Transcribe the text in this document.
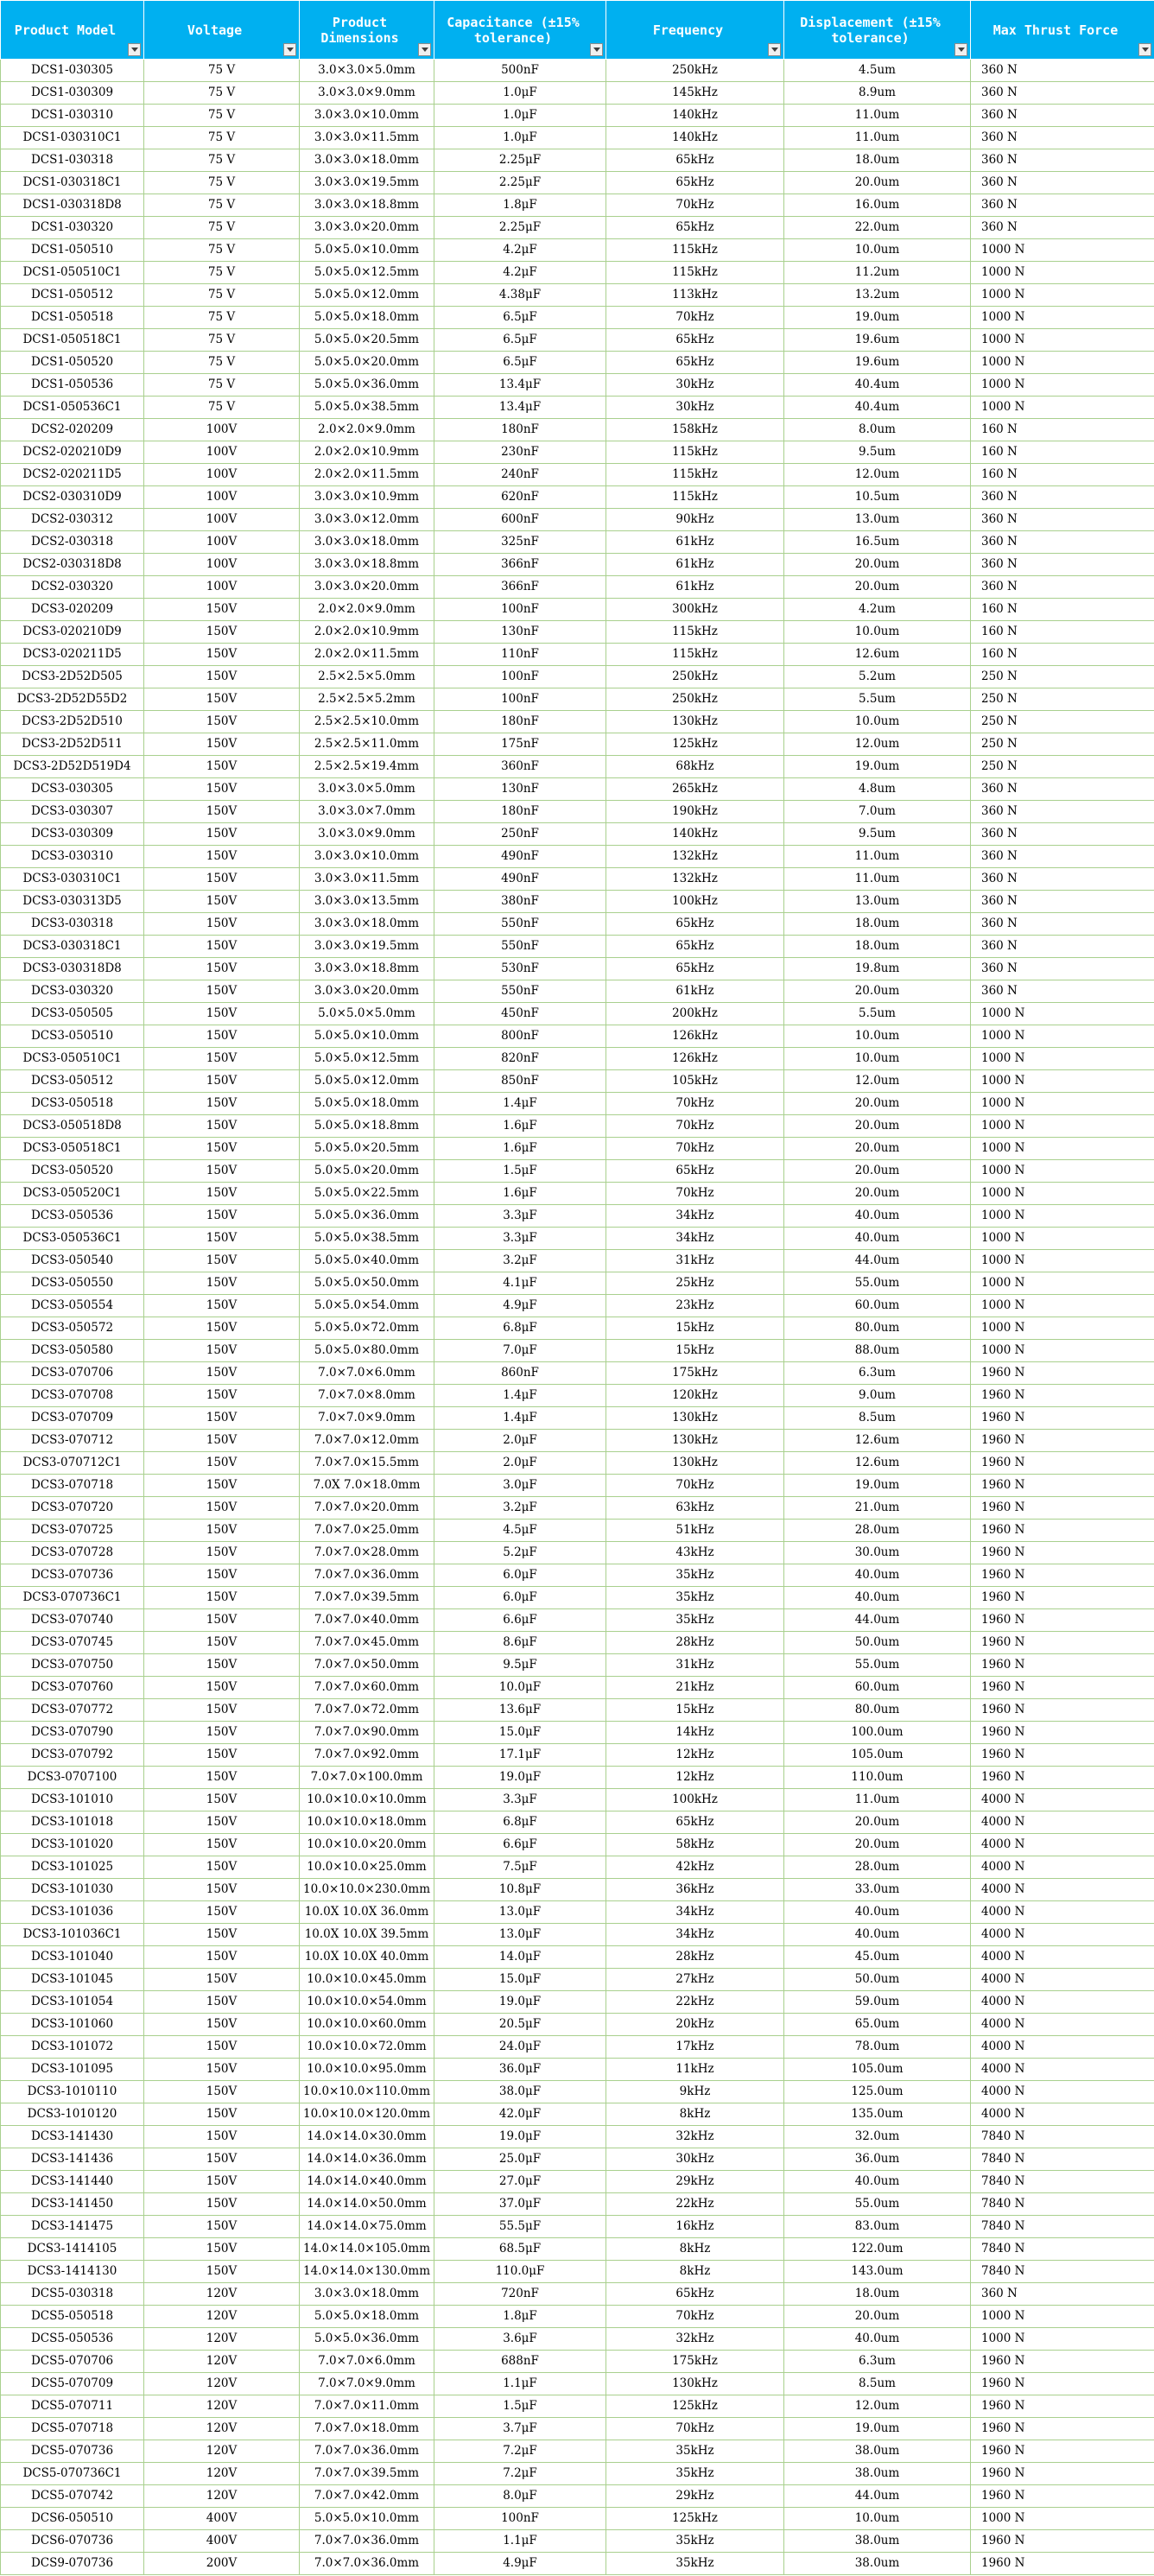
Product Model	Voltage	Product Dimensions	Capacitance (±15% tolerance)	Frequency	Displacement (±15% tolerance)	Max Thrust Force

DCS1-030305	75 V	3.0×3.0×5.0mm	500nF	250kHz	4.5um	360 N
DCS1-030309	75 V	3.0×3.0×9.0mm	1.0μF	145kHz	8.9um	360 N
DCS1-030310	75 V	3.0×3.0×10.0mm	1.0μF	140kHz	11.0um	360 N
DCS1-030310C1	75 V	3.0×3.0×11.5mm	1.0μF	140kHz	11.0um	360 N
DCS1-030318	75 V	3.0×3.0×18.0mm	2.25μF	65kHz	18.0um	360 N
DCS1-030318C1	75 V	3.0×3.0×19.5mm	2.25μF	65kHz	20.0um	360 N
DCS1-030318D8	75 V	3.0×3.0×18.8mm	1.8μF	70kHz	16.0um	360 N
DCS1-030320	75 V	3.0×3.0×20.0mm	2.25μF	65kHz	22.0um	360 N
DCS1-050510	75 V	5.0×5.0×10.0mm	4.2μF	115kHz	10.0um	1000 N
DCS1-050510C1	75 V	5.0×5.0×12.5mm	4.2μF	115kHz	11.2um	1000 N
DCS1-050512	75 V	5.0×5.0×12.0mm	4.38μF	113kHz	13.2um	1000 N
DCS1-050518	75 V	5.0×5.0×18.0mm	6.5μF	70kHz	19.0um	1000 N
DCS1-050518C1	75 V	5.0×5.0×20.5mm	6.5μF	65kHz	19.6um	1000 N
DCS1-050520	75 V	5.0×5.0×20.0mm	6.5μF	65kHz	19.6um	1000 N
DCS1-050536	75 V	5.0×5.0×36.0mm	13.4μF	30kHz	40.4um	1000 N
DCS1-050536C1	75 V	5.0×5.0×38.5mm	13.4μF	30kHz	40.4um	1000 N
DCS2-020209	100V	2.0×2.0×9.0mm	180nF	158kHz	8.0um	160 N
DCS2-020210D9	100V	2.0×2.0×10.9mm	230nF	115kHz	9.5um	160 N
DCS2-020211D5	100V	2.0×2.0×11.5mm	240nF	115kHz	12.0um	160 N
DCS2-030310D9	100V	3.0×3.0×10.9mm	620nF	115kHz	10.5um	360 N
DCS2-030312	100V	3.0×3.0×12.0mm	600nF	90kHz	13.0um	360 N
DCS2-030318	100V	3.0×3.0×18.0mm	325nF	61kHz	16.5um	360 N
DCS2-030318D8	100V	3.0×3.0×18.8mm	366nF	61kHz	20.0um	360 N
DCS2-030320	100V	3.0×3.0×20.0mm	366nF	61kHz	20.0um	360 N
DCS3-020209	150V	2.0×2.0×9.0mm	100nF	300kHz	4.2um	160 N
DCS3-020210D9	150V	2.0×2.0×10.9mm	130nF	115kHz	10.0um	160 N
DCS3-020211D5	150V	2.0×2.0×11.5mm	110nF	115kHz	12.6um	160 N
DCS3-2D52D505	150V	2.5×2.5×5.0mm	100nF	250kHz	5.2um	250 N
DCS3-2D52D55D2	150V	2.5×2.5×5.2mm	100nF	250kHz	5.5um	250 N
DCS3-2D52D510	150V	2.5×2.5×10.0mm	180nF	130kHz	10.0um	250 N
DCS3-2D52D511	150V	2.5×2.5×11.0mm	175nF	125kHz	12.0um	250 N
DCS3-2D52D519D4	150V	2.5×2.5×19.4mm	360nF	68kHz	19.0um	250 N
DCS3-030305	150V	3.0×3.0×5.0mm	130nF	265kHz	4.8um	360 N
DCS3-030307	150V	3.0×3.0×7.0mm	180nF	190kHz	7.0um	360 N
DCS3-030309	150V	3.0×3.0×9.0mm	250nF	140kHz	9.5um	360 N
DCS3-030310	150V	3.0×3.0×10.0mm	490nF	132kHz	11.0um	360 N
DCS3-030310C1	150V	3.0×3.0×11.5mm	490nF	132kHz	11.0um	360 N
DCS3-030313D5	150V	3.0×3.0×13.5mm	380nF	100kHz	13.0um	360 N
DCS3-030318	150V	3.0×3.0×18.0mm	550nF	65kHz	18.0um	360 N
DCS3-030318C1	150V	3.0×3.0×19.5mm	550nF	65kHz	18.0um	360 N
DCS3-030318D8	150V	3.0×3.0×18.8mm	530nF	65kHz	19.8um	360 N
DCS3-030320	150V	3.0×3.0×20.0mm	550nF	61kHz	20.0um	360 N
DCS3-050505	150V	5.0×5.0×5.0mm	450nF	200kHz	5.5um	1000 N
DCS3-050510	150V	5.0×5.0×10.0mm	800nF	126kHz	10.0um	1000 N
DCS3-050510C1	150V	5.0×5.0×12.5mm	820nF	126kHz	10.0um	1000 N
DCS3-050512	150V	5.0×5.0×12.0mm	850nF	105kHz	12.0um	1000 N
DCS3-050518	150V	5.0×5.0×18.0mm	1.4μF	70kHz	20.0um	1000 N
DCS3-050518D8	150V	5.0×5.0×18.8mm	1.6μF	70kHz	20.0um	1000 N
DCS3-050518C1	150V	5.0×5.0×20.5mm	1.6μF	70kHz	20.0um	1000 N
DCS3-050520	150V	5.0×5.0×20.0mm	1.5μF	65kHz	20.0um	1000 N
DCS3-050520C1	150V	5.0×5.0×22.5mm	1.6μF	70kHz	20.0um	1000 N
DCS3-050536	150V	5.0×5.0×36.0mm	3.3μF	34kHz	40.0um	1000 N
DCS3-050536C1	150V	5.0×5.0×38.5mm	3.3μF	34kHz	40.0um	1000 N
DCS3-050540	150V	5.0×5.0×40.0mm	3.2μF	31kHz	44.0um	1000 N
DCS3-050550	150V	5.0×5.0×50.0mm	4.1μF	25kHz	55.0um	1000 N
DCS3-050554	150V	5.0×5.0×54.0mm	4.9μF	23kHz	60.0um	1000 N
DCS3-050572	150V	5.0×5.0×72.0mm	6.8μF	15kHz	80.0um	1000 N
DCS3-050580	150V	5.0×5.0×80.0mm	7.0μF	15kHz	88.0um	1000 N
DCS3-070706	150V	7.0×7.0×6.0mm	860nF	175kHz	6.3um	1960 N
DCS3-070708	150V	7.0×7.0×8.0mm	1.4μF	120kHz	9.0um	1960 N
DCS3-070709	150V	7.0×7.0×9.0mm	1.4μF	130kHz	8.5um	1960 N
DCS3-070712	150V	7.0×7.0×12.0mm	2.0μF	130kHz	12.6um	1960 N
DCS3-070712C1	150V	7.0×7.0×15.5mm	2.0μF	130kHz	12.6um	1960 N
DCS3-070718	150V	7.0X 7.0×18.0mm	3.0μF	70kHz	19.0um	1960 N
DCS3-070720	150V	7.0×7.0×20.0mm	3.2μF	63kHz	21.0um	1960 N
DCS3-070725	150V	7.0×7.0×25.0mm	4.5μF	51kHz	28.0um	1960 N
DCS3-070728	150V	7.0×7.0×28.0mm	5.2μF	43kHz	30.0um	1960 N
DCS3-070736	150V	7.0×7.0×36.0mm	6.0μF	35kHz	40.0um	1960 N
DCS3-070736C1	150V	7.0×7.0×39.5mm	6.0μF	35kHz	40.0um	1960 N
DCS3-070740	150V	7.0×7.0×40.0mm	6.6μF	35kHz	44.0um	1960 N
DCS3-070745	150V	7.0×7.0×45.0mm	8.6μF	28kHz	50.0um	1960 N
DCS3-070750	150V	7.0×7.0×50.0mm	9.5μF	31kHz	55.0um	1960 N
DCS3-070760	150V	7.0×7.0×60.0mm	10.0μF	21kHz	60.0um	1960 N
DCS3-070772	150V	7.0×7.0×72.0mm	13.6μF	15kHz	80.0um	1960 N
DCS3-070790	150V	7.0×7.0×90.0mm	15.0μF	14kHz	100.0um	1960 N
DCS3-070792	150V	7.0×7.0×92.0mm	17.1μF	12kHz	105.0um	1960 N
DCS3-0707100	150V	7.0×7.0×100.0mm	19.0μF	12kHz	110.0um	1960 N
DCS3-101010	150V	10.0×10.0×10.0mm	3.3μF	100kHz	11.0um	4000 N
DCS3-101018	150V	10.0×10.0×18.0mm	6.8μF	65kHz	20.0um	4000 N
DCS3-101020	150V	10.0×10.0×20.0mm	6.6μF	58kHz	20.0um	4000 N
DCS3-101025	150V	10.0×10.0×25.0mm	7.5μF	42kHz	28.0um	4000 N
DCS3-101030	150V	10.0×10.0×230.0mm	10.8μF	36kHz	33.0um	4000 N
DCS3-101036	150V	10.0X 10.0X 36.0mm	13.0μF	34kHz	40.0um	4000 N
DCS3-101036C1	150V	10.0X 10.0X 39.5mm	13.0μF	34kHz	40.0um	4000 N
DCS3-101040	150V	10.0X 10.0X 40.0mm	14.0μF	28kHz	45.0um	4000 N
DCS3-101045	150V	10.0×10.0×45.0mm	15.0μF	27kHz	50.0um	4000 N
DCS3-101054	150V	10.0×10.0×54.0mm	19.0μF	22kHz	59.0um	4000 N
DCS3-101060	150V	10.0×10.0×60.0mm	20.5μF	20kHz	65.0um	4000 N
DCS3-101072	150V	10.0×10.0×72.0mm	24.0μF	17kHz	78.0um	4000 N
DCS3-101095	150V	10.0×10.0×95.0mm	36.0μF	11kHz	105.0um	4000 N
DCS3-1010110	150V	10.0×10.0×110.0mm	38.0μF	9kHz	125.0um	4000 N
DCS3-1010120	150V	10.0×10.0×120.0mm	42.0μF	8kHz	135.0um	4000 N
DCS3-141430	150V	14.0×14.0×30.0mm	19.0μF	32kHz	32.0um	7840 N
DCS3-141436	150V	14.0×14.0×36.0mm	25.0μF	30kHz	36.0um	7840 N
DCS3-141440	150V	14.0×14.0×40.0mm	27.0μF	29kHz	40.0um	7840 N
DCS3-141450	150V	14.0×14.0×50.0mm	37.0μF	22kHz	55.0um	7840 N
DCS3-141475	150V	14.0×14.0×75.0mm	55.5μF	16kHz	83.0um	7840 N
DCS3-1414105	150V	14.0×14.0×105.0mm	68.5μF	8kHz	122.0um	7840 N
DCS3-1414130	150V	14.0×14.0×130.0mm	110.0μF	8kHz	143.0um	7840 N
DCS5-030318	120V	3.0×3.0×18.0mm	720nF	65kHz	18.0um	360 N
DCS5-050518	120V	5.0×5.0×18.0mm	1.8μF	70kHz	20.0um	1000 N
DCS5-050536	120V	5.0×5.0×36.0mm	3.6μF	32kHz	40.0um	1000 N
DCS5-070706	120V	7.0×7.0×6.0mm	688nF	175kHz	6.3um	1960 N
DCS5-070709	120V	7.0×7.0×9.0mm	1.1μF	130kHz	8.5um	1960 N
DCS5-070711	120V	7.0×7.0×11.0mm	1.5μF	125kHz	12.0um	1960 N
DCS5-070718	120V	7.0×7.0×18.0mm	3.7μF	70kHz	19.0um	1960 N
DCS5-070736	120V	7.0×7.0×36.0mm	7.2μF	35kHz	38.0um	1960 N
DCS5-070736C1	120V	7.0×7.0×39.5mm	7.2μF	35kHz	38.0um	1960 N
DCS5-070742	120V	7.0×7.0×42.0mm	8.0μF	29kHz	44.0um	1960 N
DCS6-050510	400V	5.0×5.0×10.0mm	100nF	125kHz	10.0um	1000 N
DCS6-070736	400V	7.0×7.0×36.0mm	1.1μF	35kHz	38.0um	1960 N
DCS9-070736	200V	7.0×7.0×36.0mm	4.9μF	35kHz	38.0um	1960 N
